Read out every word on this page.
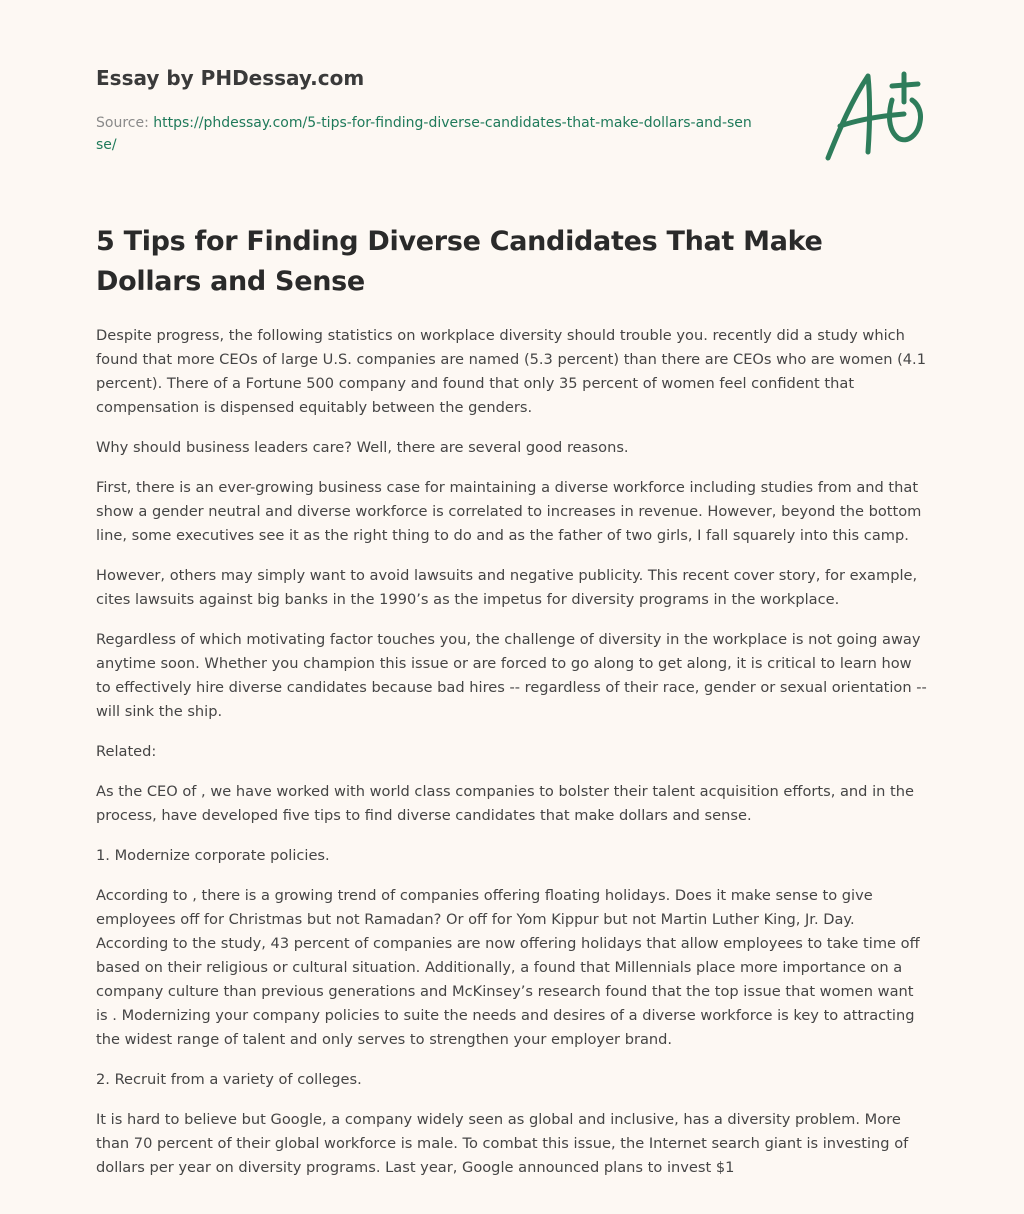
Essay by PHDessay.com
Source: https://phdessay.com/5-tips-for-finding-diverse-candidates-that-make-dollars-and-sense/
5 Tips for Finding Diverse Candidates That Make Dollars and Sense

Despite progress, the following statistics on workplace diversity should trouble you. recently did a study which found that more CEOs of large U.S. companies are named (5.3 percent) than there are CEOs who are women (4.1 percent). There of a Fortune 500 company and found that only 35 percent of women feel confident that compensation is dispensed equitably between the genders.

Why should business leaders care? Well, there are several good reasons.

First, there is an ever-growing business case for maintaining a diverse workforce including studies from and that show a gender neutral and diverse workforce is correlated to increases in revenue. However, beyond the bottom line, some executives see it as the right thing to do and as the father of two girls, I fall squarely into this camp.

However, others may simply want to avoid lawsuits and negative publicity. This recent cover story, for example, cites lawsuits against big banks in the 1990’s as the impetus for diversity programs in the workplace.

Regardless of which motivating factor touches you, the challenge of diversity in the workplace is not going away anytime soon. Whether you champion this issue or are forced to go along to get along, it is critical to learn how to effectively hire diverse candidates because bad hires -- regardless of their race, gender or sexual orientation -- will sink the ship.

Related:

As the CEO of , we have worked with world class companies to bolster their talent acquisition efforts, and in the process, have developed five tips to find diverse candidates that make dollars and sense.

1. Modernize corporate policies.

According to , there is a growing trend of companies offering floating holidays. Does it make sense to give employees off for Christmas but not Ramadan? Or off for Yom Kippur but not Martin Luther King, Jr. Day. According to the study, 43 percent of companies are now offering holidays that allow employees to take time off based on their religious or cultural situation. Additionally, a found that Millennials place more importance on a company culture than previous generations and McKinsey’s research found that the top issue that women want is . Modernizing your company policies to suite the needs and desires of a diverse workforce is key to attracting the widest range of talent and only serves to strengthen your employer brand.

2. Recruit from a variety of colleges.

It is hard to believe but Google, a company widely seen as global and inclusive, has a diversity problem. More than 70 percent of their global workforce is male. To combat this issue, the Internet search giant is investing of dollars per year on diversity programs. Last year, Google announced plans to invest $1
